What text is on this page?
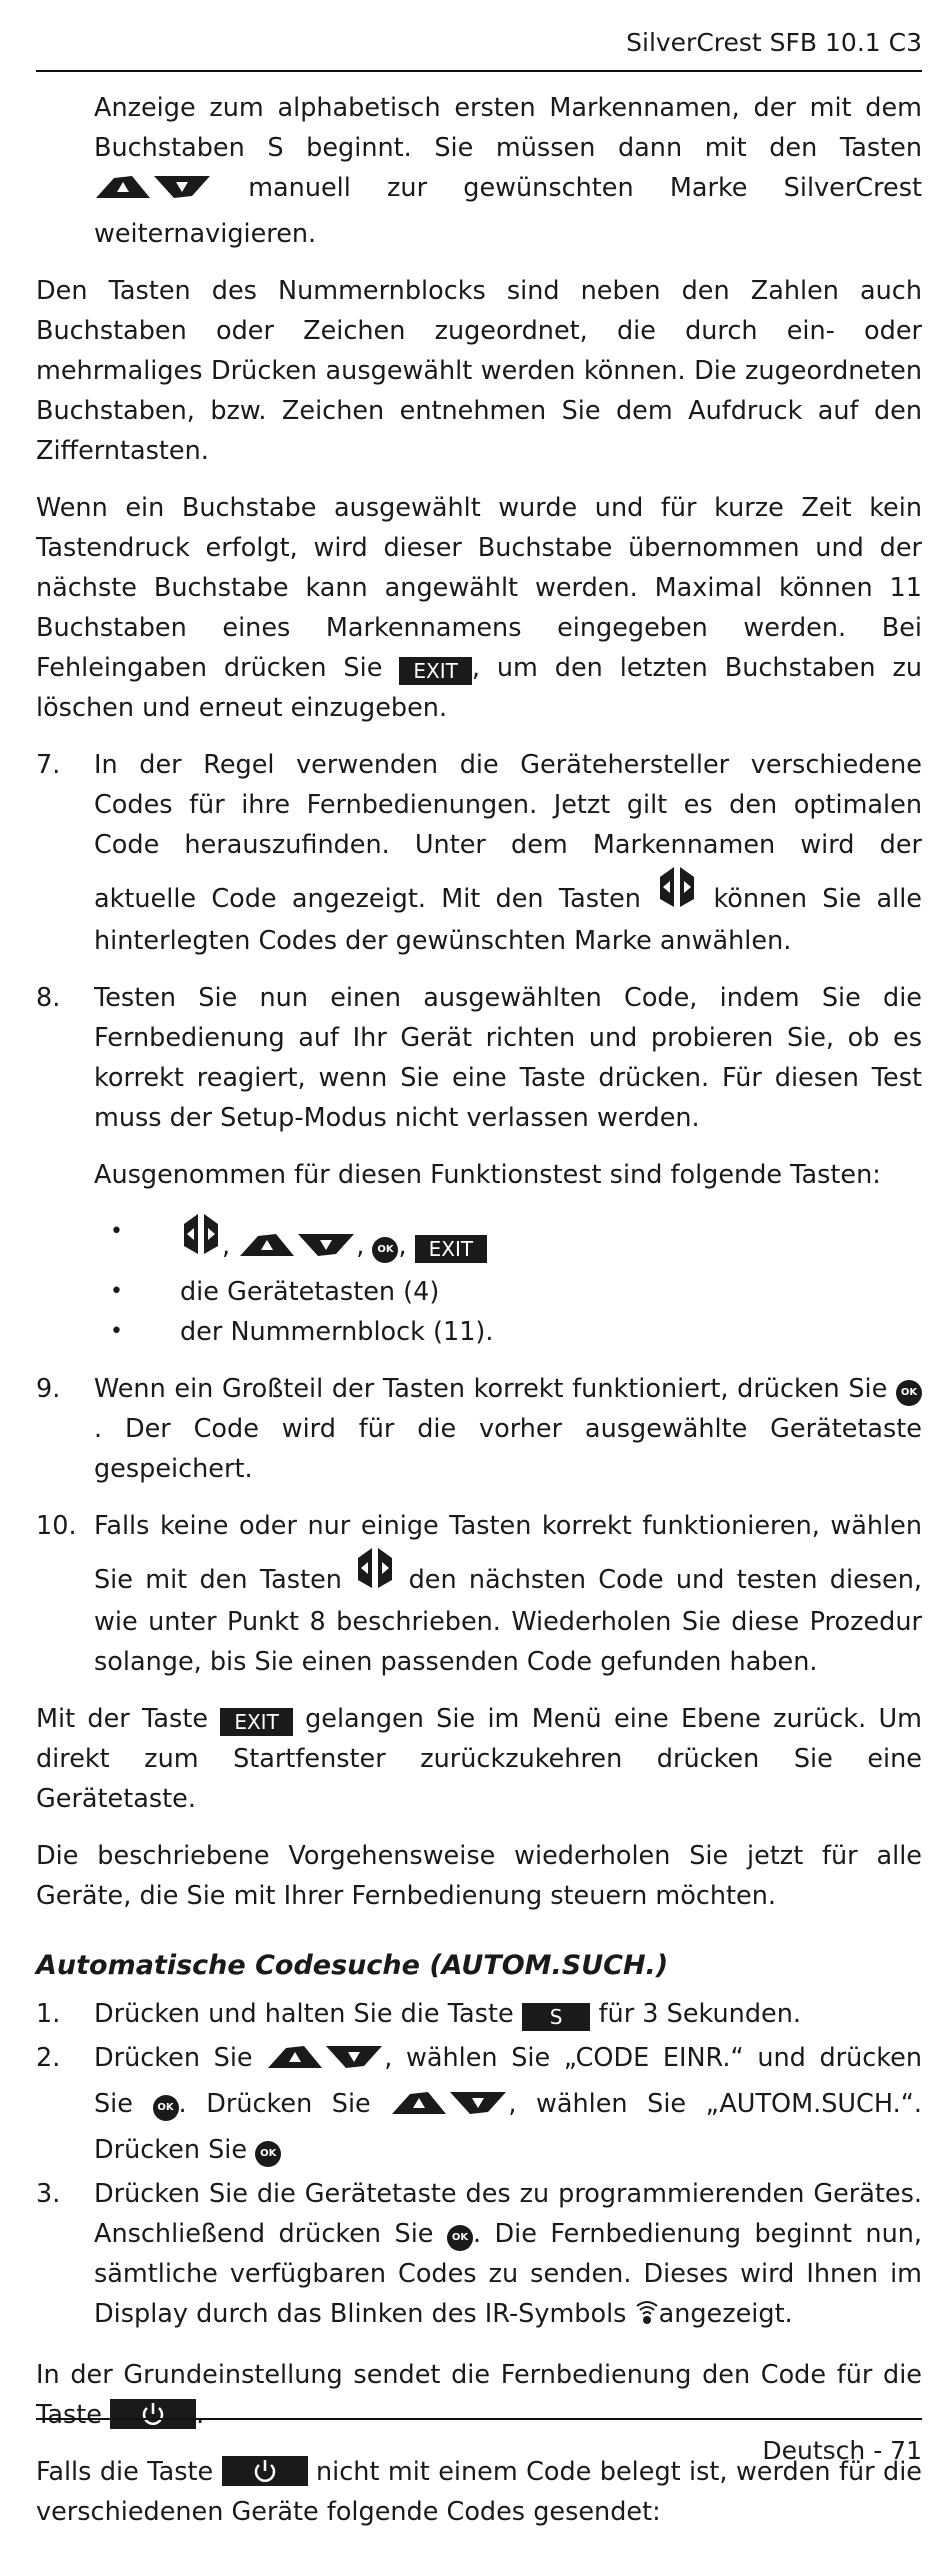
SilverCrest SFB 10.1 C3

Anzeige zum alphabetisch ersten Markennamen, der mit dem Buchstaben S beginnt. Sie müssen dann mit den Tasten  manuell zur gewünschten Marke SilverCrest weiternavigieren.

Den Tasten des Nummernblocks sind neben den Zahlen auch Buchstaben oder Zeichen zugeordnet, die durch ein- oder mehrmaliges Drücken ausgewählt werden können. Die zugeordneten Buchstaben, bzw. Zeichen entnehmen Sie dem Aufdruck auf den Zifferntasten.

Wenn ein Buchstabe ausgewählt wurde und für kurze Zeit kein Tastendruck erfolgt, wird dieser Buchstabe übernommen und der nächste Buchstabe kann angewählt werden. Maximal können 11 Buchstaben eines Markennamens eingegeben werden. Bei Fehleingaben drücken Sie EXIT , um den letzten Buchstaben zu löschen und erneut einzugeben.

7. In der Regel verwenden die Gerätehersteller verschiedene Codes für ihre Fernbedienungen. Jetzt gilt es den optimalen Code herauszufinden. Unter dem Markennamen wird der aktuelle Code angezeigt. Mit den Tasten	können Sie alle hinterlegten Codes der gewünschten Marke anwählen.
8. Testen Sie nun einen ausgewählten Code, indem Sie die Fernbedienung auf Ihr Gerät richten und probieren Sie, ob es korrekt reagiert, wenn Sie eine Taste drücken. Für diesen Test muss der Setup-Modus nicht verlassen werden.

Ausgenommen für diesen Funktionstest sind folgende Tasten:

•	,	, OK , EXIT
• die Gerätetasten (4)
• der Nummernblock (11).
9. Wenn ein Großteil der Tasten korrekt funktioniert, drücken Sie OK. Der Code wird für die vorher ausgewählte Gerätetaste gespeichert.
10. Falls keine oder nur einige Tasten korrekt funktionieren, wählen Sie mit den Tasten	den nächsten Code und testen diesen, wie unter Punkt 8 beschrieben. Wiederholen Sie diese Prozedur solange, bis Sie einen passenden Code gefunden haben.

Mit der Taste EXIT gelangen Sie im Menü eine Ebene zurück. Um direkt zum Startfenster zurückzukehren drücken Sie eine Gerätetaste.

Die beschriebene Vorgehensweise wiederholen Sie jetzt für alle Geräte, die Sie mit Ihrer Fernbedienung steuern möchten.

Automatische Codesuche (AUTOM.SUCH.)
1. Drücken und halten Sie die Taste S für 3 Sekunden.
2. Drücken Sie	, wählen Sie „CODE EINR.“ und drücken Sie OK . Drücken Sie	, wählen Sie „AUTOM.SUCH.“. Drücken Sie OK
3. Drücken Sie die Gerätetaste des zu programmierenden Gerätes. Anschließend drücken Sie OK . Die Fernbedienung beginnt nun, sämtliche verfügbaren Codes zu senden. Dieses wird Ihnen im Display durch das Blinken des IR-Symbols angezeigt.

In der Grundeinstellung sendet die Fernbedienung den Code für die Taste	.

Falls die Taste	nicht mit einem Code belegt ist, werden für die verschiedenen Geräte folgende Codes gesendet:

Deutsch - 71
